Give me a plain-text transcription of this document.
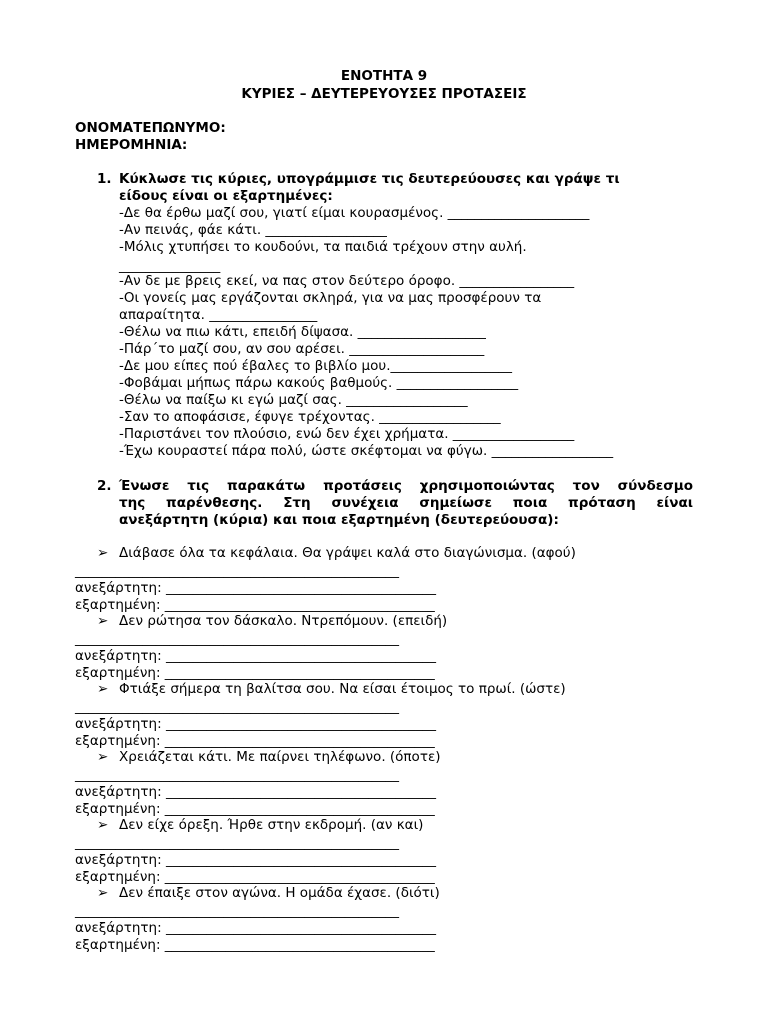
ΕΝΟΤΗΤΑ 9
ΚΥΡΙΕΣ – ΔΕΥΤΕΡΕΥΟΥΣΕΣ ΠΡΟΤΑΣΕΙΣ
ΟΝΟΜΑΤΕΠΩΝΥΜΟ:
ΗΜΕΡΟΜΗΝΙΑ:
1. Κύκλωσε τις κύριες, υπογράμμισε τις δευτερεύουσες και γράψε τι
είδους είναι οι εξαρτημένες:
-Δε θα έρθω μαζί σου, γιατί είμαι κουρασμένος. _____________________
-Αν πεινάς, φάε κάτι. __________________
-Μόλις χτυπήσει το κουδούνι, τα παιδιά τρέχουν στην αυλή.
_______________
-Αν δε με βρεις εκεί, να πας στον δεύτερο όροφο. _________________
-Οι γονείς μας εργάζονται σκληρά, για να μας προσφέρουν τα
απαραίτητα. ________________
-Θέλω να πιω κάτι, επειδή δίψασα. ___________________
-Πάρ΄το μαζί σου, αν σου αρέσει. ____________________
-Δε μου είπες πού έβαλες το βιβλίο μου.__________________
-Φοβάμαι μήπως πάρω κακούς βαθμούς. __________________
-Θέλω να παίξω κι εγώ μαζί σας. __________________
-Σαν το αποφάσισε, έφυγε τρέχοντας. __________________
-Παριστάνει τον πλούσιο, ενώ δεν έχει χρήματα. __________________
-Έχω κουραστεί πάρα πολύ, ώστε σκέφτομαι να φύγω. __________________
2. Ένωσε τις παρακάτω προτάσεις χρησιμοποιώντας τον σύνδεσμο
της παρένθεσης. Στη συνέχεια σημείωσε ποια πρόταση είναι
ανεξάρτητη (κύρια) και ποια εξαρτημένη (δευτερεύουσα):
➢ Διάβασε όλα τα κεφάλαια. Θα γράψει καλά στο διαγώνισμα. (αφού)
________________________________________________
ανεξάρτητη: ________________________________________
εξαρτημένη: ________________________________________
➢ Δεν ρώτησα τον δάσκαλο. Ντρεπόμουν. (επειδή)
________________________________________________
ανεξάρτητη: ________________________________________
εξαρτημένη: ________________________________________
➢ Φτιάξε σήμερα τη βαλίτσα σου. Να είσαι έτοιμος το πρωί. (ώστε)
________________________________________________
ανεξάρτητη: ________________________________________
εξαρτημένη: ________________________________________
➢ Χρειάζεται κάτι. Με παίρνει τηλέφωνο. (όποτε)
________________________________________________
ανεξάρτητη: ________________________________________
εξαρτημένη: ________________________________________
➢ Δεν είχε όρεξη. Ήρθε στην εκδρομή. (αν και)
________________________________________________
ανεξάρτητη: ________________________________________
εξαρτημένη: ________________________________________
➢ Δεν έπαιξε στον αγώνα. Η ομάδα έχασε. (διότι)
________________________________________________
ανεξάρτητη: ________________________________________
εξαρτημένη: ________________________________________
